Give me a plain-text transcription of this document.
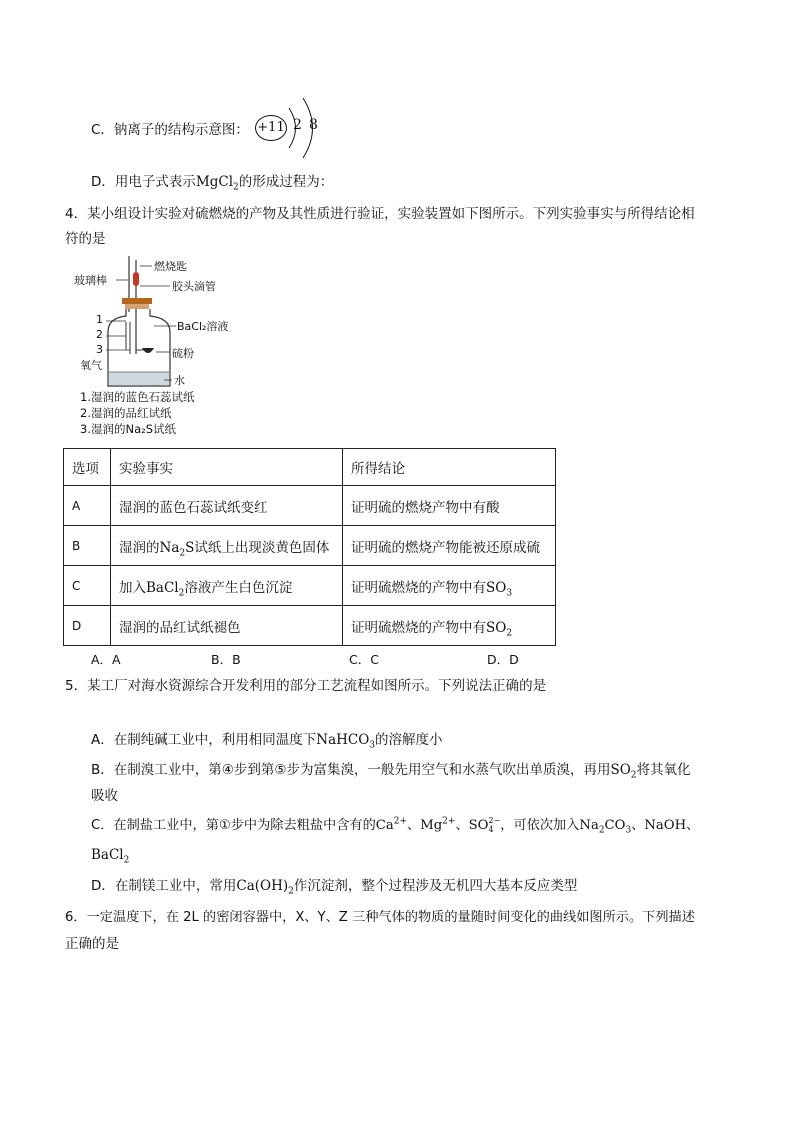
C．钠离子的结构示意图： +11 2 8
D．用电子式表示MgCl$_2$的形成过程为：
4．某小组设计实验对硫燃烧的产物及其性质进行验证，实验装置如下图所示。下列实验事实与所得结论相
符的是
燃烧匙
玻璃棒	胶头滴管
BaCl₂溶液
1
2
3
氧气
硫粉
水
1.湿润的蓝色石蕊试纸
2.湿润的品红试纸
3.湿润的Na₂S试纸
选项	实验事实	所得结论
A	湿润的蓝色石蕊试纸变红	证明硫的燃烧产物中有酸
B	湿润的$Na_2S$试纸上出现淡黄色固体	证明硫的燃烧产物能被还原成硫
C	加入BaCl$_2$溶液产生白色沉淀	证明硫燃烧的产物中有$SO_3$
D	湿润的品红试纸褪色	证明硫燃烧的产物中有$SO_2$
A．A	B．B	C．C	D．D
5．某工厂对海水资源综合开发利用的部分工艺流程如图所示。下列说法正确的是
A．在制纯碱工业中，利用相同温度下NaHCO$_3$的溶解度小
B．在制溴工业中，第④步到第⑤步为富集溴，一般先用空气和水蒸气吹出单质溴，再用$SO_2$将其氧化
吸收
C．在制盐工业中，第①步中为除去粗盐中含有的$Ca^{2+}$、$Mg^{2+}$、SO2−
4 ，可依次加入$Na_2CO_3$、NaOH、
BaCl$_2$
D．在制镁工业中，常用$Ca(OH)_2$作沉淀剂，整个过程涉及无机四大基本反应类型
6．一定温度下，在 2L 的密闭容器中，X、Y、Z 三种气体的物质的量随时间变化的曲线如图所示。下列描述
正确的是
